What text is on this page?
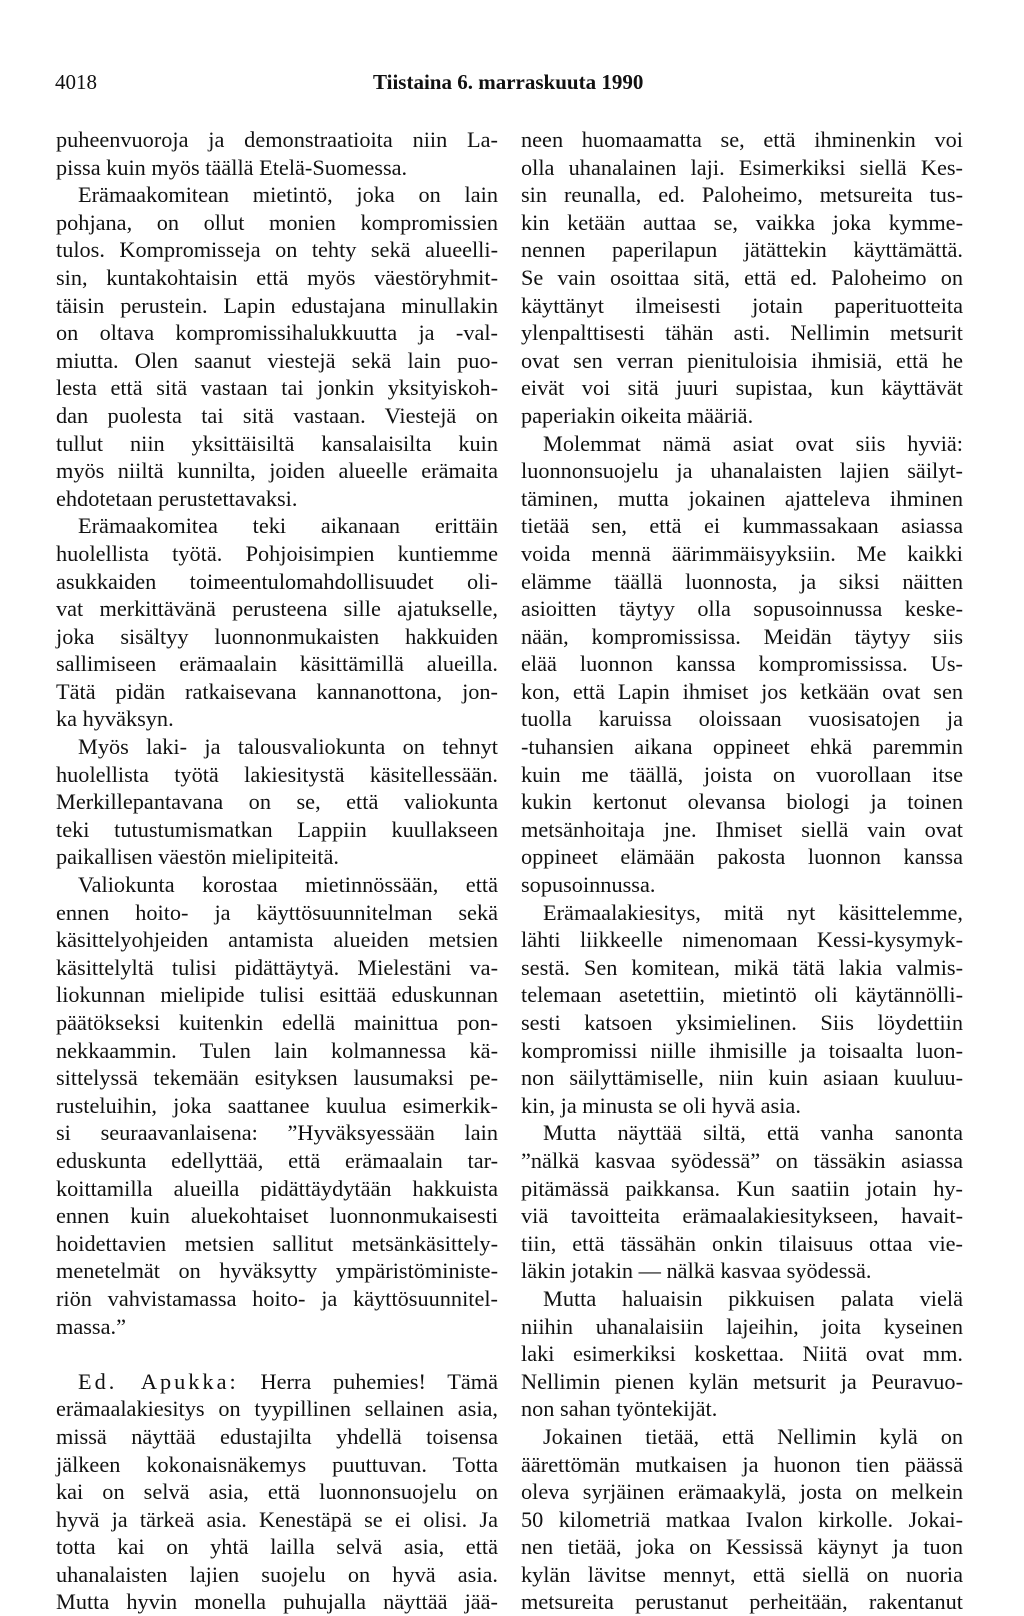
4018	Tiistaina 6. marraskuuta 1990
puheenvuoroja ja demonstraatioita niin La-
pissa kuin myös täällä Etelä-Suomessa.
Erämaakomitean mietintö, joka on lain
pohjana, on ollut monien kompromissien
tulos. Kompromisseja on tehty sekä alueelli-
sin, kuntakohtaisin että myös väestöryhmit-
täisin perustein. Lapin edustajana minullakin
on oltava kompromissihalukkuutta ja -val-
miutta. Olen saanut viestejä sekä lain puo-
lesta että sitä vastaan tai jonkin yksityiskoh-
dan puolesta tai sitä vastaan. Viestejä on
tullut niin yksittäisiltä kansalaisilta kuin
myös niiltä kunnilta, joiden alueelle erämaita
ehdotetaan perustettavaksi.
Erämaakomitea teki aikanaan erittäin
huolellista työtä. Pohjoisimpien kuntiemme
asukkaiden toimeentulomahdollisuudet oli-
vat merkittävänä perusteena sille ajatukselle,
joka sisältyy luonnonmukaisten hakkuiden
sallimiseen erämaalain käsittämillä alueilla.
Tätä pidän ratkaisevana kannanottona, jon-
ka hyväksyn.
Myös laki- ja talousvaliokunta on tehnyt
huolellista työtä lakiesitystä käsitellessään.
Merkillepantavana on se, että valiokunta
teki tutustumismatkan Lappiin kuullakseen
paikallisen väestön mielipiteitä.
Valiokunta korostaa mietinnössään, että
ennen hoito- ja käyttösuunnitelman sekä
käsittelyohjeiden antamista alueiden metsien
käsittelyltä tulisi pidättäytyä. Mielestäni va-
liokunnan mielipide tulisi esittää eduskunnan
päätökseksi kuitenkin edellä mainittua pon-
nekkaammin. Tulen lain kolmannessa kä-
sittelyssä tekemään esityksen lausumaksi pe-
rusteluihin, joka saattanee kuulua esimerkik-
si seuraavanlaisena: ”Hyväksyessään lain
eduskunta edellyttää, että erämaalain tar-
koittamilla alueilla pidättäydytään hakkuista
ennen kuin aluekohtaiset luonnonmukaisesti
hoidettavien metsien sallitut metsänkäsittely-
menetelmät on hyväksytty ympäristöministe-
riön vahvistamassa hoito- ja käyttösuunnitel-
massa.”
Ed. Apukka: Herra puhemies! Tämä
erämaalakiesitys on tyypillinen sellainen asia,
missä näyttää edustajilta yhdellä toisensa
jälkeen kokonaisnäkemys puuttuvan. Totta
kai on selvä asia, että luonnonsuojelu on
hyvä ja tärkeä asia. Kenestäpä se ei olisi. Ja
totta kai on yhtä lailla selvä asia, että
uhanalaisten lajien suojelu on hyvä asia.
Mutta hyvin monella puhujalla näyttää jää-
neen huomaamatta se, että ihminenkin voi
olla uhanalainen laji. Esimerkiksi siellä Kes-
sin reunalla, ed. Paloheimo, metsureita tus-
kin ketään auttaa se, vaikka joka kymme-
nennen paperilapun jätättekin käyttämättä.
Se vain osoittaa sitä, että ed. Paloheimo on
käyttänyt ilmeisesti jotain paperituotteita
ylenpalttisesti tähän asti. Nellimin metsurit
ovat sen verran pienituloisia ihmisiä, että he
eivät voi sitä juuri supistaa, kun käyttävät
paperiakin oikeita määriä.
Molemmat nämä asiat ovat siis hyviä:
luonnonsuojelu ja uhanalaisten lajien säilyt-
täminen, mutta jokainen ajatteleva ihminen
tietää sen, että ei kummassakaan asiassa
voida mennä äärimmäisyyksiin. Me kaikki
elämme täällä luonnosta, ja siksi näitten
asioitten täytyy olla sopusoinnussa keske-
nään, kompromississa. Meidän täytyy siis
elää luonnon kanssa kompromississa. Us-
kon, että Lapin ihmiset jos ketkään ovat sen
tuolla karuissa oloissaan vuosisatojen ja
-tuhansien aikana oppineet ehkä paremmin
kuin me täällä, joista on vuorollaan itse
kukin kertonut olevansa biologi ja toinen
metsänhoitaja jne. Ihmiset siellä vain ovat
oppineet elämään pakosta luonnon kanssa
sopusoinnussa.
Erämaalakiesitys, mitä nyt käsittelemme,
lähti liikkeelle nimenomaan Kessi-kysymyk-
sestä. Sen komitean, mikä tätä lakia valmis-
telemaan asetettiin, mietintö oli käytännölli-
sesti katsoen yksimielinen. Siis löydettiin
kompromissi niille ihmisille ja toisaalta luon-
non säilyttämiselle, niin kuin asiaan kuuluu-
kin, ja minusta se oli hyvä asia.
Mutta näyttää siltä, että vanha sanonta
”nälkä kasvaa syödessä” on tässäkin asiassa
pitämässä paikkansa. Kun saatiin jotain hy-
viä tavoitteita erämaalakiesitykseen, havait-
tiin, että tässähän onkin tilaisuus ottaa vie-
läkin jotakin — nälkä kasvaa syödessä.
Mutta haluaisin pikkuisen palata vielä
niihin uhanalaisiin lajeihin, joita kyseinen
laki esimerkiksi koskettaa. Niitä ovat mm.
Nellimin pienen kylän metsurit ja Peuravuo-
non sahan työntekijät.
Jokainen tietää, että Nellimin kylä on
äärettömän mutkaisen ja huonon tien päässä
oleva syrjäinen erämaakylä, josta on melkein
50 kilometriä matkaa Ivalon kirkolle. Jokai-
nen tietää, joka on Kessissä käynyt ja tuon
kylän lävitse mennyt, että siellä on nuoria
metsureita perustanut perheitään, rakentanut
